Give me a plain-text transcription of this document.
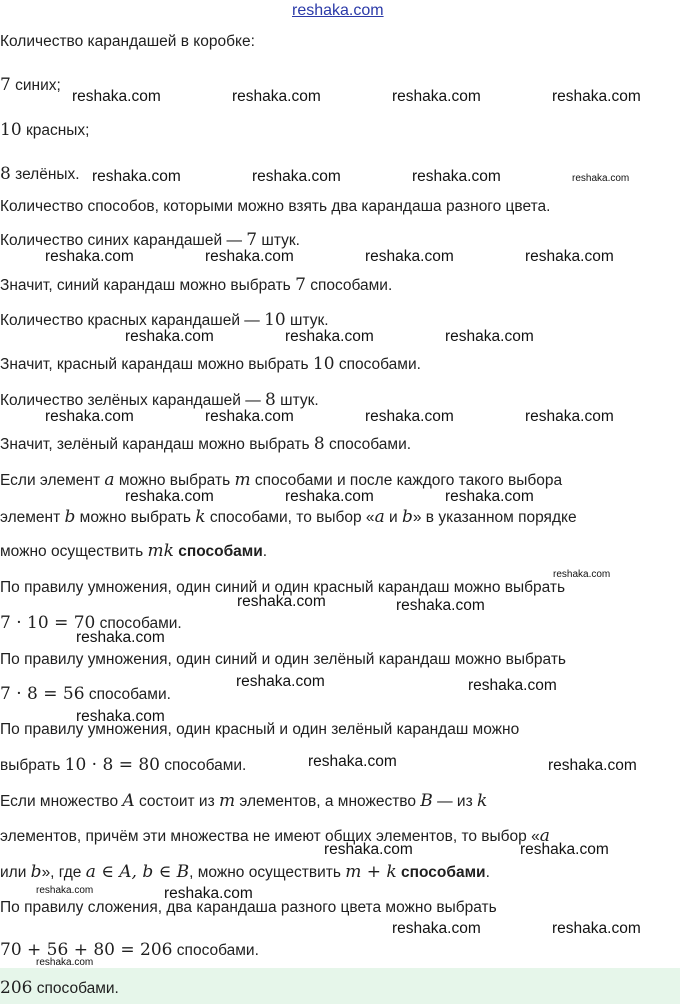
reshaka.com
Количество карандашей в коробке:
7 синих;
10 красных;
8 зелёных.
Количество способов, которыми можно взять два карандаша разного цвета.
Количество синих карандашей — 7 штук.
Значит, синий карандаш можно выбрать 7 способами.
Количество красных карандашей — 10 штук.
Значит, красный карандаш можно выбрать 10 способами.
Количество зелёных карандашей — 8 штук.
Значит, зелёный карандаш можно выбрать 8 способами.
Если элемент a можно выбрать m способами и после каждого такого выбора
элемент b можно выбрать k способами, то выбор «a и b» в указанном порядке
можно осуществить mk способами.
По правилу умножения, один синий и один красный карандаш можно выбрать
7 · 10 = 70 способами.
По правилу умножения, один синий и один зелёный карандаш можно выбрать
7 · 8 = 56 способами.
По правилу умножения, один красный и один зелёный карандаш можно
выбрать 10 · 8 = 80 способами.
Если множество A состоит из m элементов, а множество B — из k
элементов, причём эти множества не имеют общих элементов, то выбор «a
или b», где a ∈ A, b ∈ B, можно осуществить m + k способами.
По правилу сложения, два карандаша разного цвета можно выбрать
70 + 56 + 80 = 206 способами.
206 способами.
reshaka.com	reshaka.com	reshaka.com	reshaka.com
reshaka.com	reshaka.com	reshaka.com	reshaka.com
reshaka.com	reshaka.com	reshaka.com	reshaka.com
reshaka.com	reshaka.com	reshaka.com
reshaka.com	reshaka.com	reshaka.com	reshaka.com
reshaka.com	reshaka.com	reshaka.com
reshaka.com
reshaka.com	reshaka.com
reshaka.com
reshaka.com	reshaka.com
reshaka.com
reshaka.com	reshaka.com
reshaka.com	reshaka.com
reshaka.com	reshaka.com
reshaka.com	reshaka.com
reshaka.com
